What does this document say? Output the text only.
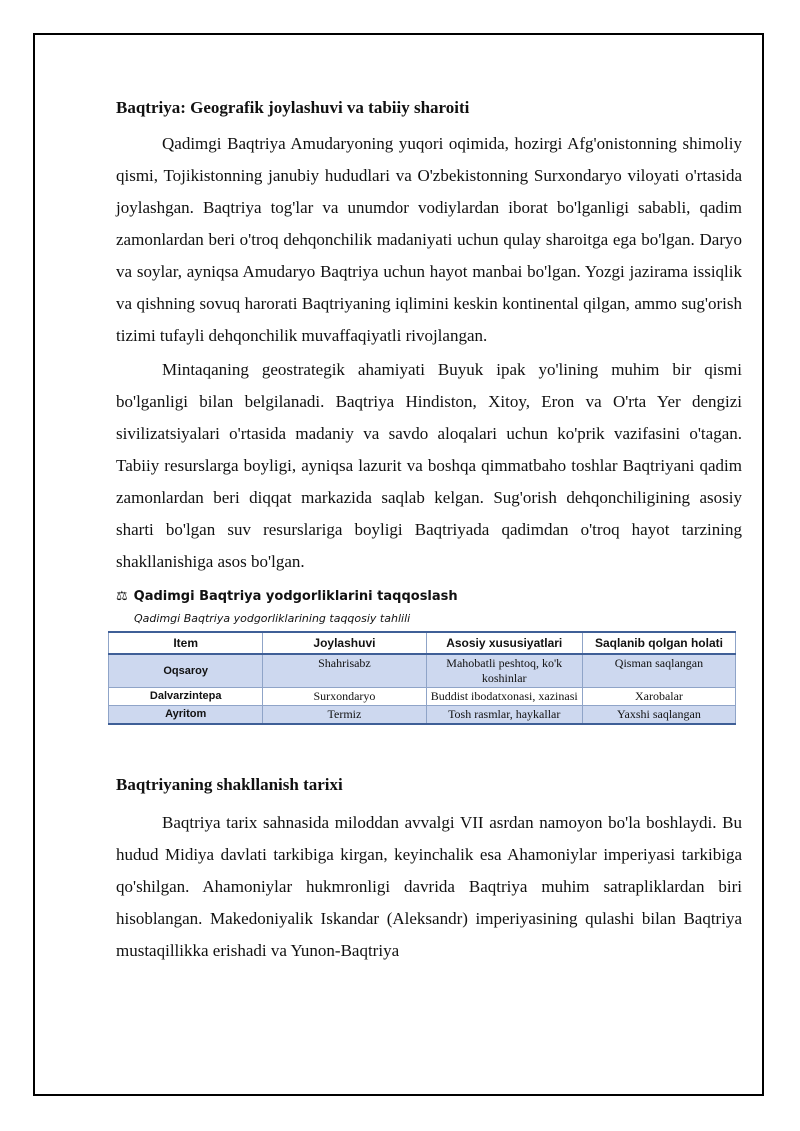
Baqtriya: Geografik joylashuvi va tabiiy sharoiti

Qadimgi Baqtriya Amudaryoning yuqori oqimida, hozirgi Afg'onistonning shimoliy qismi, Tojikistonning janubiy hududlari va O'zbekistonning Surxondaryo viloyati o'rtasida joylashgan. Baqtriya tog'lar va unumdor vodiylardan iborat bo'lganligi sababli, qadim zamonlardan beri o'troq dehqonchilik madaniyati uchun qulay sharoitga ega bo'lgan. Daryo va soylar, ayniqsa Amudaryo Baqtriya uchun hayot manbai bo'lgan. Yozgi jazirama issiqlik va qishning sovuq harorati Baqtriyaning iqlimini keskin kontinental qilgan, ammo sug'orish tizimi tufayli dehqonchilik muvaffaqiyatli rivojlangan.

Mintaqaning geostrategik ahamiyati Buyuk ipak yo'lining muhim bir qismi bo'lganligi bilan belgilanadi. Baqtriya Hindiston, Xitoy, Eron va O'rta Yer dengizi sivilizatsiyalari o'rtasida madaniy va savdo aloqalari uchun ko'prik vazifasini o'tagan. Tabiiy resurslarga boyligi, ayniqsa lazurit va boshqa qimmatbaho toshlar Baqtriyani qadim zamonlardan beri diqqat markazida saqlab kelgan. Sug'orish dehqonchiligining asosiy sharti bo'lgan suv resurslariga boyligi Baqtriyada qadimdan o'troq hayot tarzining shakllanishiga asos bo'lgan.

⚖ Qadimgi Baqtriya yodgorliklarini taqqoslash
Qadimgi Baqtriya yodgorliklarining taqqosiy tahlili
Item	Joylashuvi	Asosiy xususiyatlari	Saqlanib qolgan holati
Oqsaroy	Shahrisabz	Mahobatli peshtoq, ko'k koshinlar	Qisman saqlangan
Dalvarzintepa	Surxondaryo	Buddist ibodatxonasi, xazinasi	Xarobalar
Ayritom	Termiz	Tosh rasmlar, haykallar	Yaxshi saqlangan
Baqtriyaning shakllanish tarixi

Baqtriya tarix sahnasida miloddan avvalgi VII asrdan namoyon bo'la boshlaydi. Bu hudud Midiya davlati tarkibiga kirgan, keyinchalik esa Ahamoniylar imperiyasi tarkibiga qo'shilgan. Ahamoniylar hukmronligi davrida Baqtriya muhim satrapliklardan biri hisoblangan. Makedoniyalik Iskandar (Aleksandr) imperiyasining qulashi bilan Baqtriya mustaqillikka erishadi va Yunon-Baqtriya
